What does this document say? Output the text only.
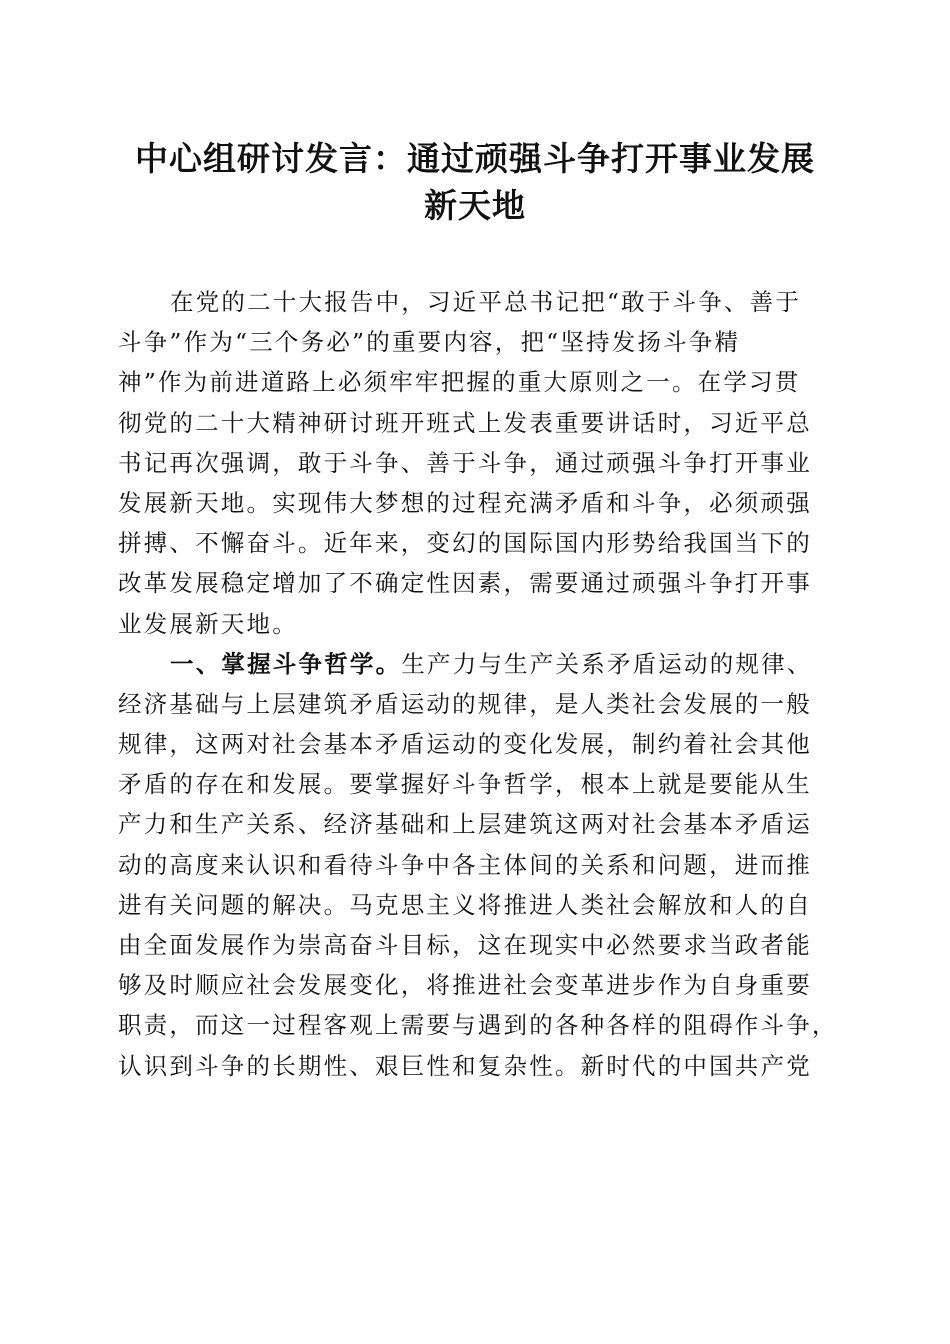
中心组研讨发言：通过顽强斗争打开事业发展
新天地

在党的二十大报告中，习近平总书记把“敢于斗争、善于
斗争”作为“三个务必”的重要内容，把“坚持发扬斗争精
神”作为前进道路上必须牢牢把握的重大原则之一。在学习贯
彻党的二十大精神研讨班开班式上发表重要讲话时，习近平总
书记再次强调，敢于斗争、善于斗争，通过顽强斗争打开事业
发展新天地。实现伟大梦想的过程充满矛盾和斗争，必须顽强
拼搏、不懈奋斗。近年来，变幻的国际国内形势给我国当下的
改革发展稳定增加了不确定性因素，需要通过顽强斗争打开事
业发展新天地。

一、掌握斗争哲学。生产力与生产关系矛盾运动的规律、
经济基础与上层建筑矛盾运动的规律，是人类社会发展的一般
规律，这两对社会基本矛盾运动的变化发展，制约着社会其他
矛盾的存在和发展。要掌握好斗争哲学，根本上就是要能从生
产力和生产关系、经济基础和上层建筑这两对社会基本矛盾运
动的高度来认识和看待斗争中各主体间的关系和问题，进而推
进有关问题的解决。马克思主义将推进人类社会解放和人的自
由全面发展作为崇高奋斗目标，这在现实中必然要求当政者能
够及时顺应社会发展变化，将推进社会变革进步作为自身重要
职责，而这一过程客观上需要与遇到的各种各样的阻碍作斗争，
认识到斗争的长期性、艰巨性和复杂性。新时代的中国共产党
